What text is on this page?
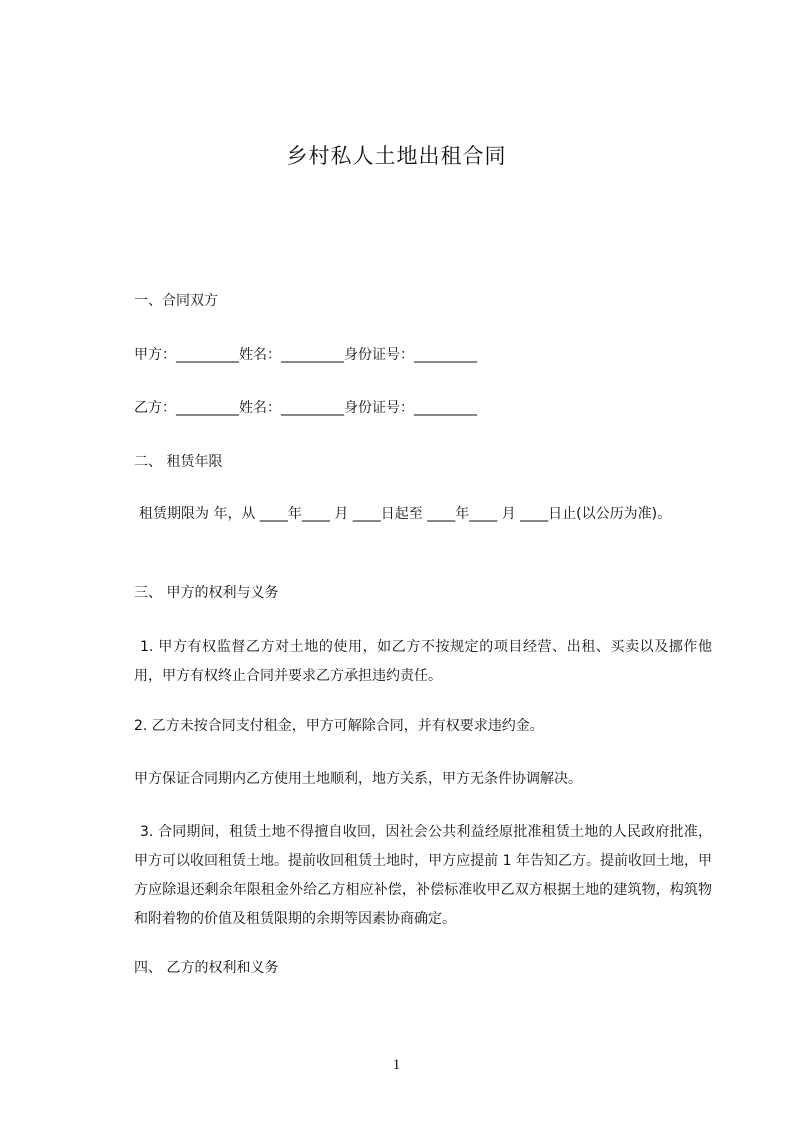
乡村私人土地出租合同
一、合同双方
甲方：_________姓名：_________身份证号：_________
乙方：_________姓名：_________身份证号：_________
二、 租赁年限
租赁期限为 年，从 ____年____ 月 ____日起至 ____年____ 月 ____日止(以公历为准)。
三、 甲方的权利与义务
1. 甲方有权监督乙方对土地的使用，如乙方不按规定的项目经营、出租、买卖以及挪作他用，甲方有权终止合同并要求乙方承担违约责任。
2. 乙方未按合同支付租金，甲方可解除合同，并有权要求违约金。
甲方保证合同期内乙方使用土地顺利，地方关系，甲方无条件协调解决。
3. 合同期间，租赁土地不得擅自收回，因社会公共利益经原批准租赁土地的人民政府批准，甲方可以收回租赁土地。提前收回租赁土地时，甲方应提前 1 年告知乙方。提前收回土地，甲方应除退还剩余年限租金外给乙方相应补偿，补偿标准收甲乙双方根据土地的建筑物，构筑物和附着物的价值及租赁限期的余期等因素协商确定。
四、 乙方的权利和义务
1
